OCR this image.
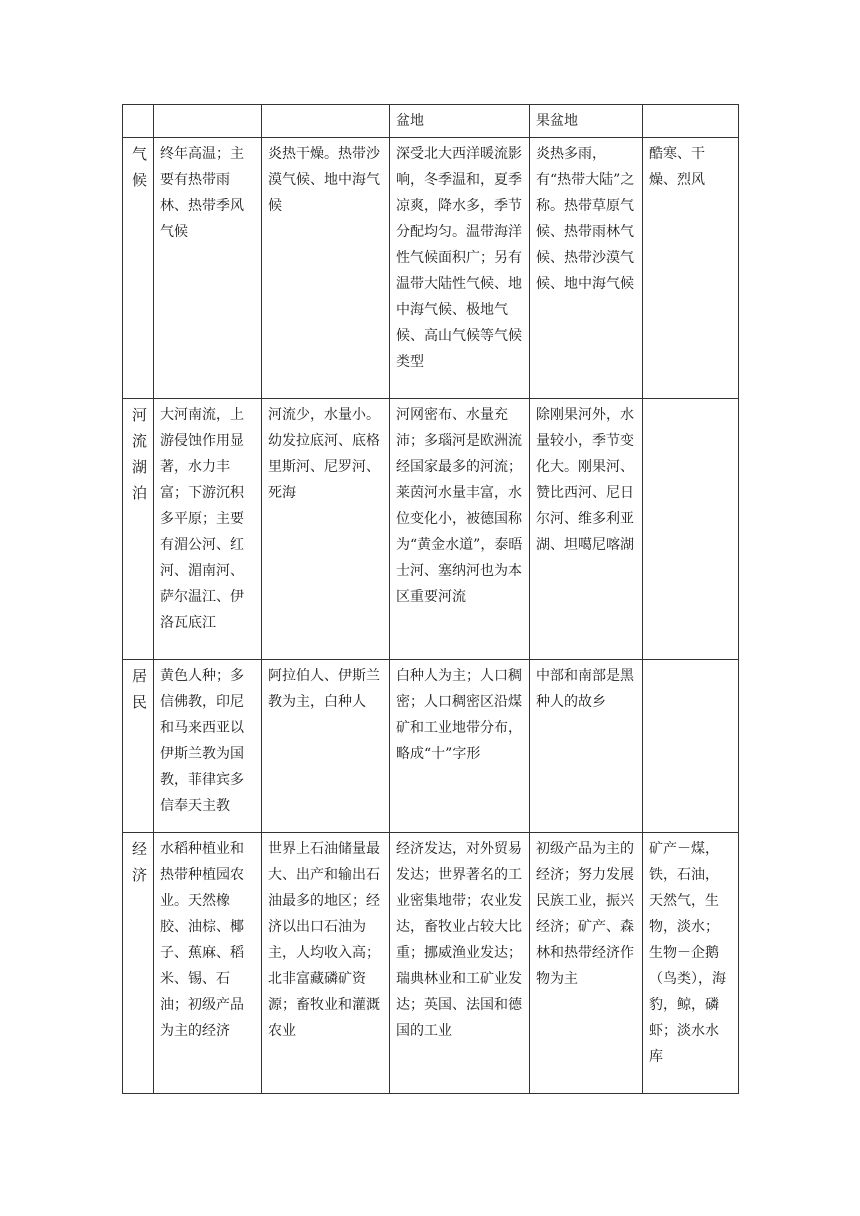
			盆地	果盆地	

气候	终年高温；主要有热带雨林、热带季风气候	炎热干燥。热带沙漠气候、地中海气候	深受北大西洋暖流影响，冬季温和，夏季凉爽，降水多，季节分配均匀。温带海洋性气候面积广；另有温带大陆性气候、地中海气候、极地气候、高山气候等气候类型	炎热多雨，有“热带大陆”之称。热带草原气候、热带雨林气候、热带沙漠气候、地中海气候	酷寒、干燥、烈风

河流湖泊	大河南流，上游侵蚀作用显著，水力丰富；下游沉积多平原；主要有湄公河、红河、湄南河、萨尔温江、伊洛瓦底江	河流少，水量小。幼发拉底河、底格里斯河、尼罗河、死海	河网密布、水量充沛；多瑙河是欧洲流经国家最多的河流；莱茵河水量丰富，水位变化小，被德国称为“黄金水道”，泰晤士河、塞纳河也为本区重要河流	除刚果河外，水量较小，季节变化大。刚果河、赞比西河、尼日尔河、维多利亚湖、坦噶尼喀湖	

居民	黄色人种；多信佛教，印尼和马来西亚以伊斯兰教为国教，菲律宾多信奉天主教	阿拉伯人、伊斯兰教为主，白种人	白种人为主；人口稠密；人口稠密区沿煤矿和工业地带分布，略成“十”字形	中部和南部是黑种人的故乡	

经济	水稻种植业和热带种植园农业。天然橡胶、油棕、椰子、蕉麻、稻米、锡、石油；初级产品为主的经济	世界上石油储量最大、出产和输出石油最多的地区；经济以出口石油为主，人均收入高；北非富藏磷矿资源；畜牧业和灌溉农业	经济发达，对外贸易发达；世界著名的工业密集地带；农业发达，畜牧业占较大比重；挪威渔业发达；瑞典林业和工矿业发达；英国、法国和德国的工业	初级产品为主的经济；努力发展民族工业，振兴经济；矿产、森林和热带经济作物为主	矿产－煤，铁，石油，天然气，生物，淡水；生物－企鹅（鸟类），海豹，鲸，磷虾；淡水水库
